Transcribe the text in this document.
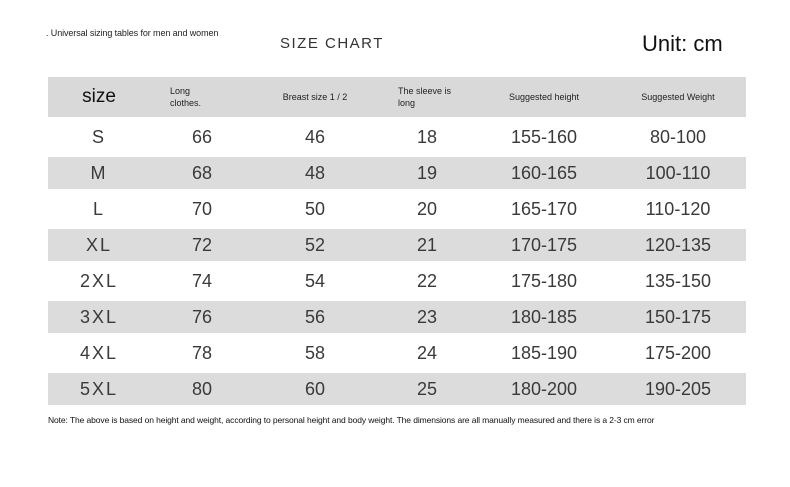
. Universal sizing tables for men and women
SIZE CHART	Unit: cm
size	Long clothes.	Breast size 1 / 2	The sleeve is long	Suggested height	Suggested Weight
S	66	46	18	155-160	80-100
M	68	48	19	160-165	100-110
L	70	50	20	165-170	110-120
XL	72	52	21	170-175	120-135
2XL	74	54	22	175-180	135-150
3XL	76	56	23	180-185	150-175
4XL	78	58	24	185-190	175-200
5XL	80	60	25	180-200	190-205
Note: The above is based on height and weight, according to personal height and body weight. The dimensions are all manually measured and there is a 2-3 cm error
